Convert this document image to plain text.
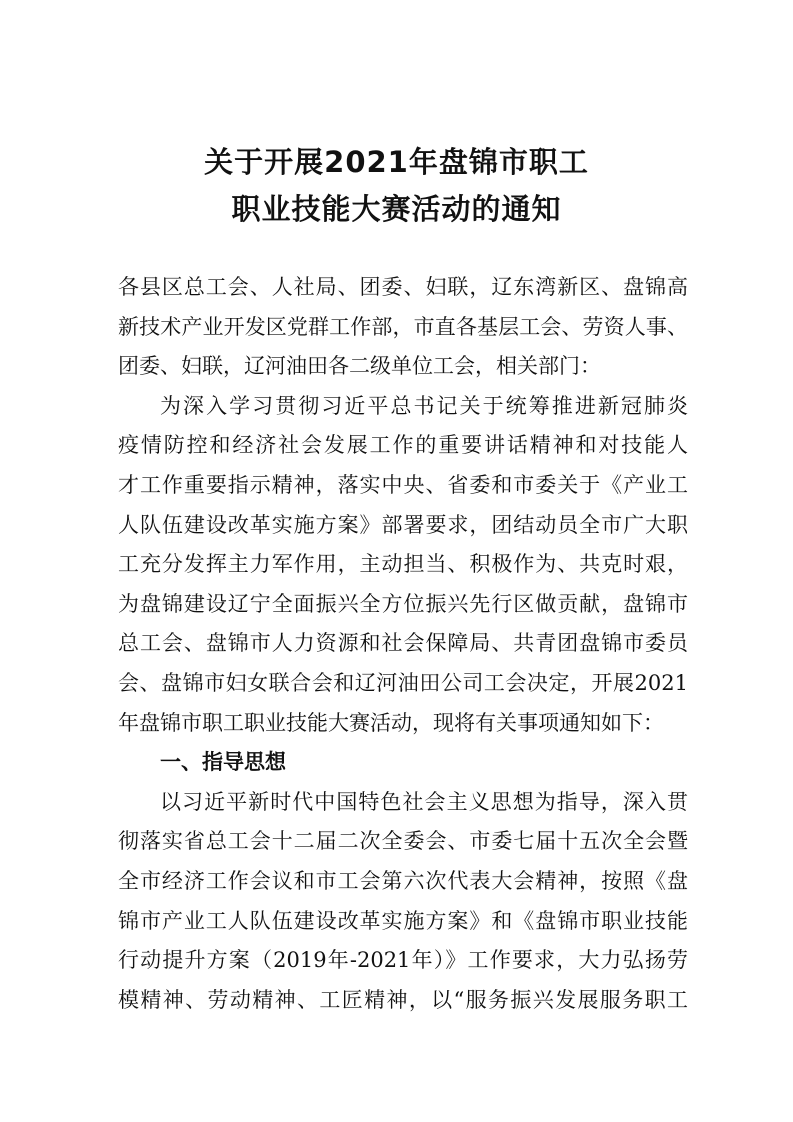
关于开展2021年盘锦市职工
职业技能大赛活动的通知
各县区总工会、人社局、团委、妇联，辽东湾新区、盘锦高
新技术产业开发区党群工作部，市直各基层工会、劳资人事、
团委、妇联，辽河油田各二级单位工会，相关部门：
为深入学习贯彻习近平总书记关于统筹推进新冠肺炎
疫情防控和经济社会发展工作的重要讲话精神和对技能人
才工作重要指示精神，落实中央、省委和市委关于《产业工
人队伍建设改革实施方案》部署要求，团结动员全市广大职
工充分发挥主力军作用，主动担当、积极作为、共克时艰，
为盘锦建设辽宁全面振兴全方位振兴先行区做贡献，盘锦市
总工会、盘锦市人力资源和社会保障局、共青团盘锦市委员
会、盘锦市妇女联合会和辽河油田公司工会决定，开展2021
年盘锦市职工职业技能大赛活动，现将有关事项通知如下：
一、指导思想
以习近平新时代中国特色社会主义思想为指导，深入贯
彻落实省总工会十二届二次全委会、市委七届十五次全会暨
全市经济工作会议和市工会第六次代表大会精神，按照《盘
锦市产业工人队伍建设改革实施方案》和《盘锦市职业技能
行动提升方案（2019年-2021年）》工作要求，大力弘扬劳
模精神、劳动精神、工匠精神，以“服务振兴发展服务职工
